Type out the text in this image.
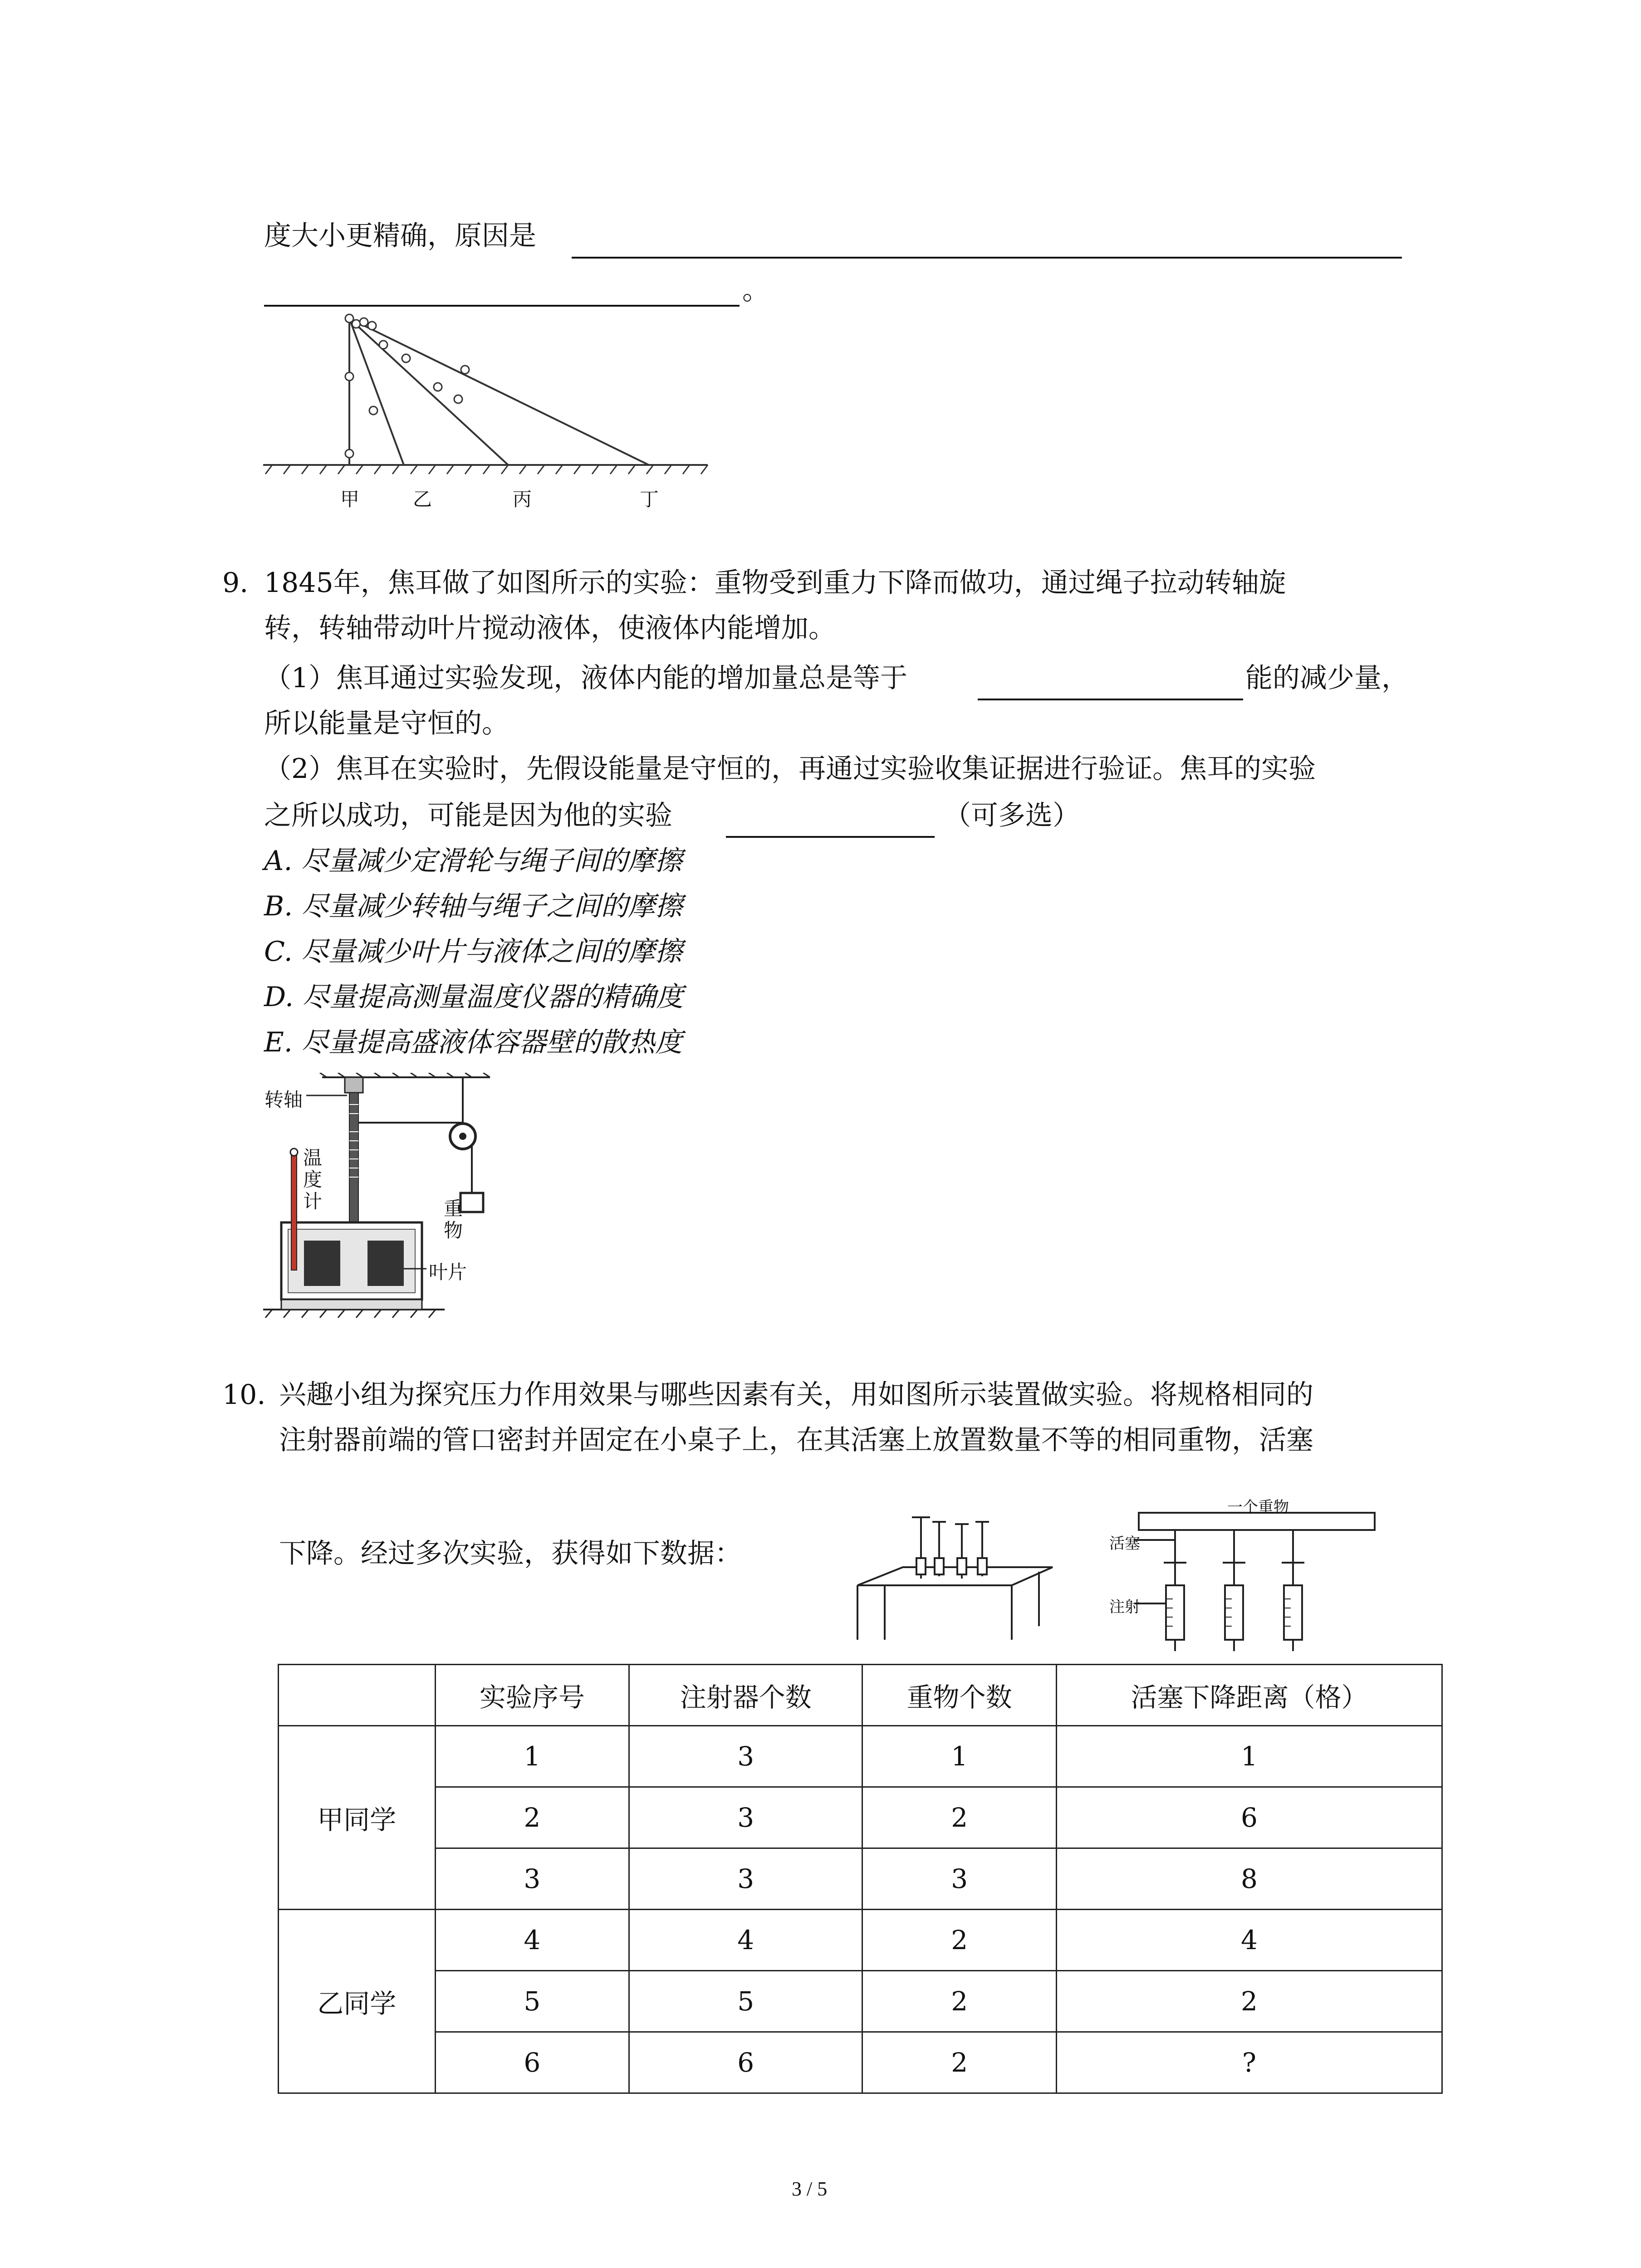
度大小更精确，原因是
。
甲	乙	丙	丁
9. 1845年，焦耳做了如图所示的实验：重物受到重力下降而做功，通过绳子拉动转轴旋
转，转轴带动叶片搅动液体，使液体内能增加。
（1）焦耳通过实验发现，液体内能的增加量总是等于	能的减少量，
所以能量是守恒的。
（2）焦耳在实验时，先假设能量是守恒的，再通过实验收集证据进行验证。焦耳的实验
之所以成功，可能是因为他的实验	（可多选）
A. 尽量减少定滑轮与绳子间的摩擦
B. 尽量减少转轴与绳子之间的摩擦
C. 尽量减少叶片与液体之间的摩擦
D. 尽量提高测量温度仪器的精确度
E. 尽量提高盛液体容器壁的散热度
转轴
温
度
计	重
物
叶片
10. 兴趣小组为探究压力作用效果与哪些因素有关，用如图所示装置做实验。将规格相同的
注射器前端的管口密封并固定在小桌子上，在其活塞上放置数量不等的相同重物，活塞
下降。经过多次实验，获得如下数据：
一个重物
活塞
注射
	实验序号	注射器个数	重物个数	活塞下降距离（格）
甲同学	1	3	1	1
	2	3	2	6
	3	3	3	8
乙同学	4	4	2	4
	5	5	2	2
	6	6	2	?
3 / 5
